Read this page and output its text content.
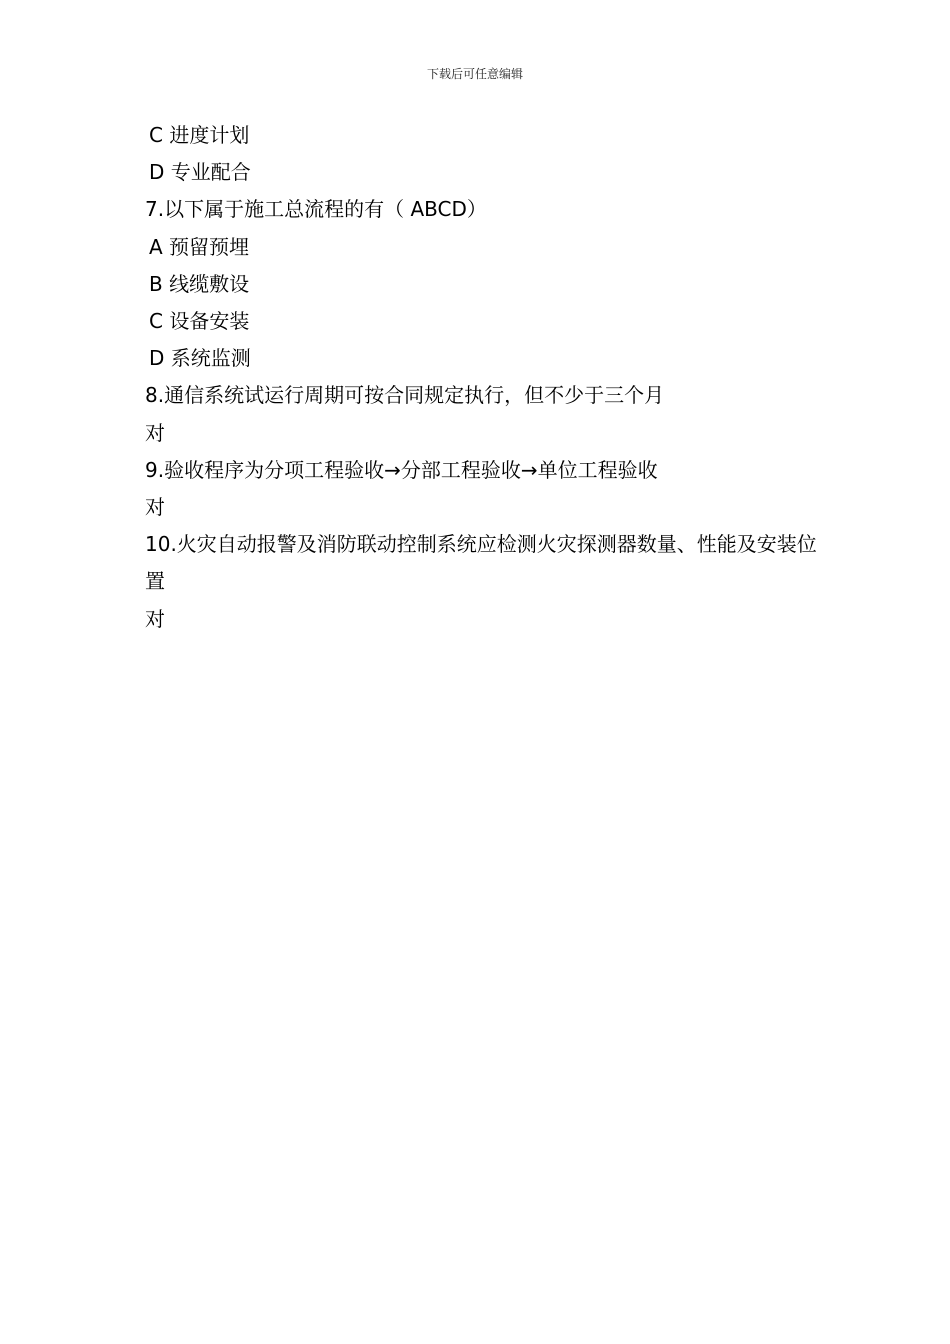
下载后可任意编辑
C 进度计划
D 专业配合
7.以下属于施工总流程的有（ ABCD）
A 预留预埋
B 线缆敷设
C 设备安装
D 系统监测
8.通信系统试运行周期可按合同规定执行，但不少于三个月
对
9.验收程序为分项工程验收→分部工程验收→单位工程验收
对
10.火灾自动报警及消防联动控制系统应检测火灾探测器数量、性能及安装位置
对
